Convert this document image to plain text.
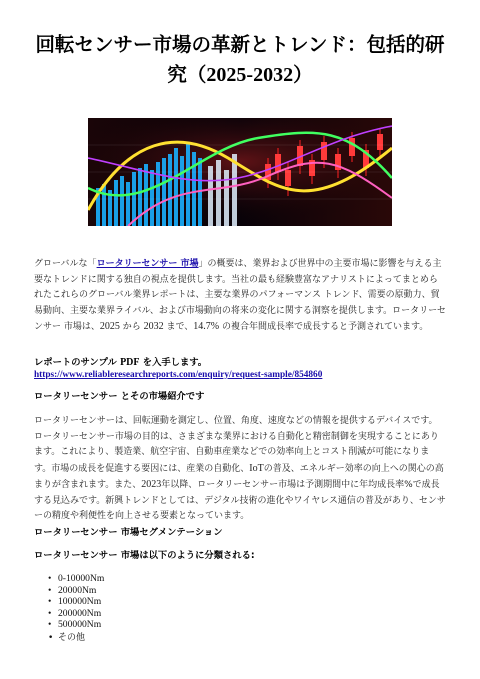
回転センサー市場の革新とトレンド：包括的研
究（2025-2032）
グローバルな「ロータリーセンサー 市場」の概要は、業界および世界中の主要市場に影響を与える主要なトレンドに関する独自の視点を提供します。当社の最も経験豊富なアナリストによってまとめられたこれらのグローバル業界レポートは、主要な業界のパフォーマンス トレンド、需要の原動力、貿易動向、主要な業界ライバル、および市場動向の将来の変化に関する洞察を提供します。ロータリーセンサー 市場は、2025 から 2032 まで、14.7% の複合年間成長率で成長すると予測されています。
レポートのサンプル PDF を入手します。
https://www.reliableresearchreports.com/enquiry/request-sample/854860
ロータリーセンサー とその市場紹介です
ロータリーセンサーは、回転運動を測定し、位置、角度、速度などの情報を提供するデバイスです。ロータリーセンサー市場の目的は、さまざまな業界における自動化と精密制御を実現することにあります。これにより、製造業、航空宇宙、自動車産業などでの効率向上とコスト削減が可能になります。市場の成長を促進する要因には、産業の自動化、IoTの普及、エネルギー効率の向上への関心の高まりが含まれます。また、2023年以降、ロータリーセンサー市場は予測期間中に年均成長率%で成長する見込みです。新興トレンドとしては、デジタル技術の進化やワイヤレス通信の普及があり、センサーの精度や利便性を向上させる要素となっています。
ロータリーセンサー 市場セグメンテーション
ロータリーセンサー 市場は以下のように分類される:
• 0-10000Nm
• 20000Nm
• 100000Nm
• 200000Nm
• 500000Nm
• その他
